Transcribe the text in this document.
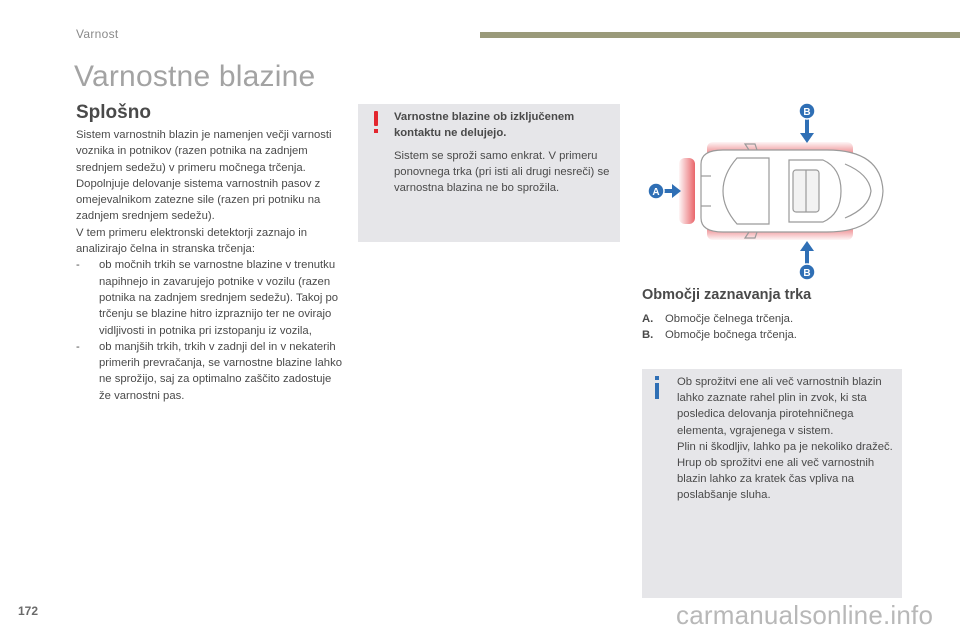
Varnost
Varnostne blazine
Splošno

Sistem varnostnih blazin je namenjen večji varnosti voznika in potnikov (razen potnika na zadnjem srednjem sedežu) v primeru močnega trčenja. Dopolnjuje delovanje sistema varnostnih pasov z omejevalnikom zatezne sile (razen pri potniku na zadnjem srednjem sedežu).

V tem primeru elektronski detektorji zaznajo in analizirajo čelna in stranska trčenja:

- ob močnih trkih se varnostne blazine v trenutku napihnejo in zavarujejo potnike v vozilu (razen potnika na zadnjem srednjem sedežu). Takoj po trčenju se blazine hitro izpraznijo ter ne ovirajo vidljivosti in potnika pri izstopanju iz vozila,
- ob manjših trkih, trkih v zadnji del in v nekaterih primerih prevračanja, se varnostne blazine lahko ne sprožijo, saj za optimalno zaščito zadostuje že varnostni pas.
Varnostne blazine ob izključenem kontaktu ne delujejo.
Sistem se sproži samo enkrat. V primeru ponovnega trka (pri isti ali drugi nesreči) se varnostna blazina ne bo sprožila.
B
B
A
Območji zaznavanja trka
A.	Območje čelnega trčenja.
B.	Območje bočnega trčenja.
Ob sprožitvi ene ali več varnostnih blazin lahko zaznate rahel plin in zvok, ki sta posledica delovanja pirotehničnega elementa, vgrajenega v sistem.
Plin ni škodljiv, lahko pa je nekoliko dražeč.
Hrup ob sprožitvi ene ali več varnostnih blazin lahko za kratek čas vpliva na poslabšanje sluha.
172	carmanualsonline.info
